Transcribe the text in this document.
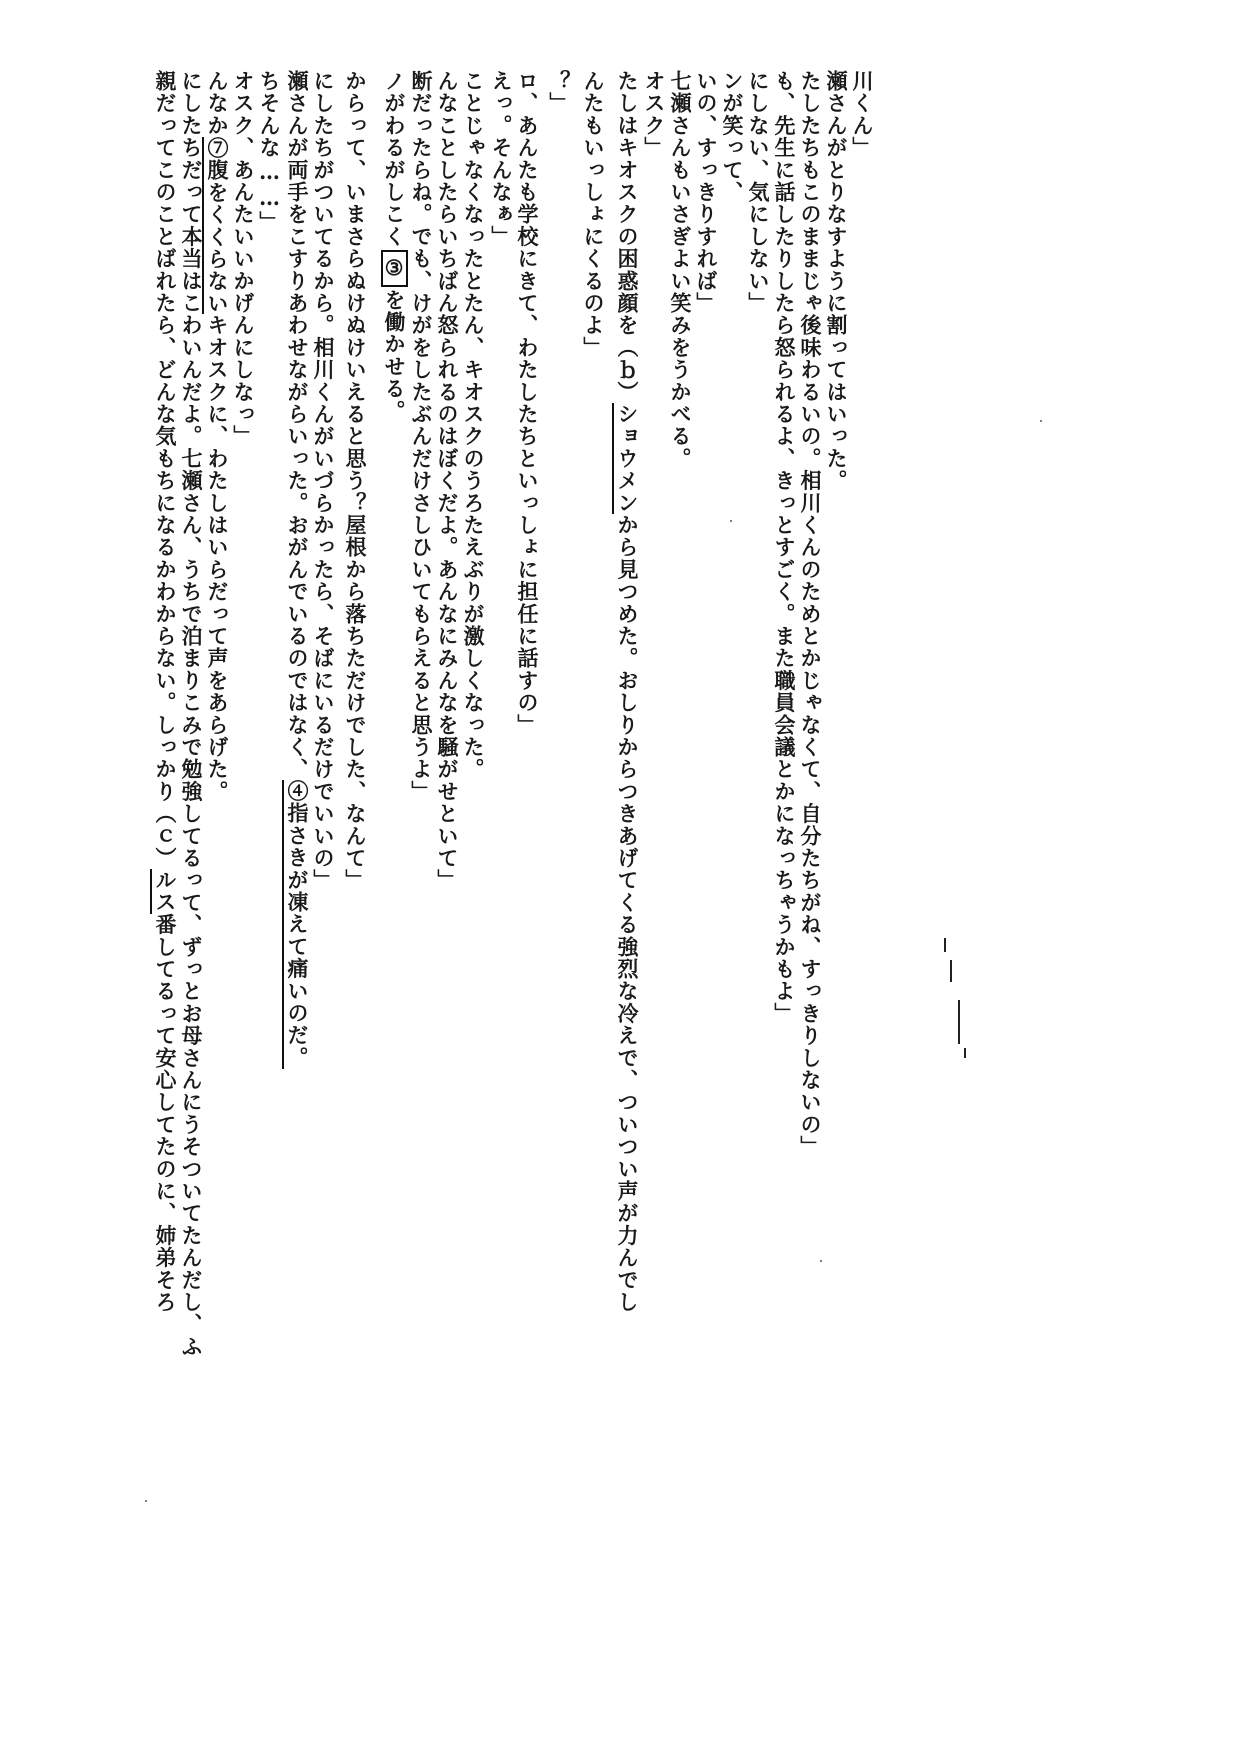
川くん」
瀬さんがとりなすように割ってはいった。
たしたちもこのままじゃ後味わるいの。相川くんのためとかじゃなくて、自分たちがね、すっきりしないの」
も、先生に話したりしたら怒られるよ、きっとすごく。また職員会議とかになっちゃうかもよ」
にしない、気にしない」
ンが笑って、
いの、すっきりすれば」
七瀬さんもいさぎよい笑みをうかべる。
オスク」
たしはキオスクの困惑顔を（ｂ）ショウメンから見つめた。おしりからつきあげてくる強烈な冷えで、ついつい声が力んでし
んたもいっしょにくるのよ」
？」
ロ、あんたも学校にきて、わたしたちといっしょに担任に話すの」
えっ。そんなぁ」
ことじゃなくなったとたん、キオスクのうろたえぶりが激しくなった。
んなことしたらいちばん怒られるのはぼくだよ。あんなにみんなを騒がせといて」
断だったらね。でも、けがをしたぶんだけさしひいてもらえると思うよ」
ノがわるがしこく③を働かせる。
からって、いまさらぬけぬけいえると思う？屋根から落ちただけでした、なんて」
にしたちがついてるから。相川くんがいづらかったら、そばにいるだけでいいの」
瀬さんが両手をこすりあわせながらいった。おがんでいるのではなく、④指さきが凍えて痛いのだ。
ちそんな……」
オスク、あんたいいかげんにしなっ」
んなか⑦腹をくくらないキオスクに、わたしはいらだって声をあらげた。
にしたちだって本当はこわいんだよ。七瀬さん、うちで泊まりこみで勉強してるって、ずっとお母さんにうそついてたんだし、ふ
親だってこのことばれたら、どんな気もちになるかわからない。しっかり（ｃ）ルス番してるって安心してたのに、姉弟そろ
